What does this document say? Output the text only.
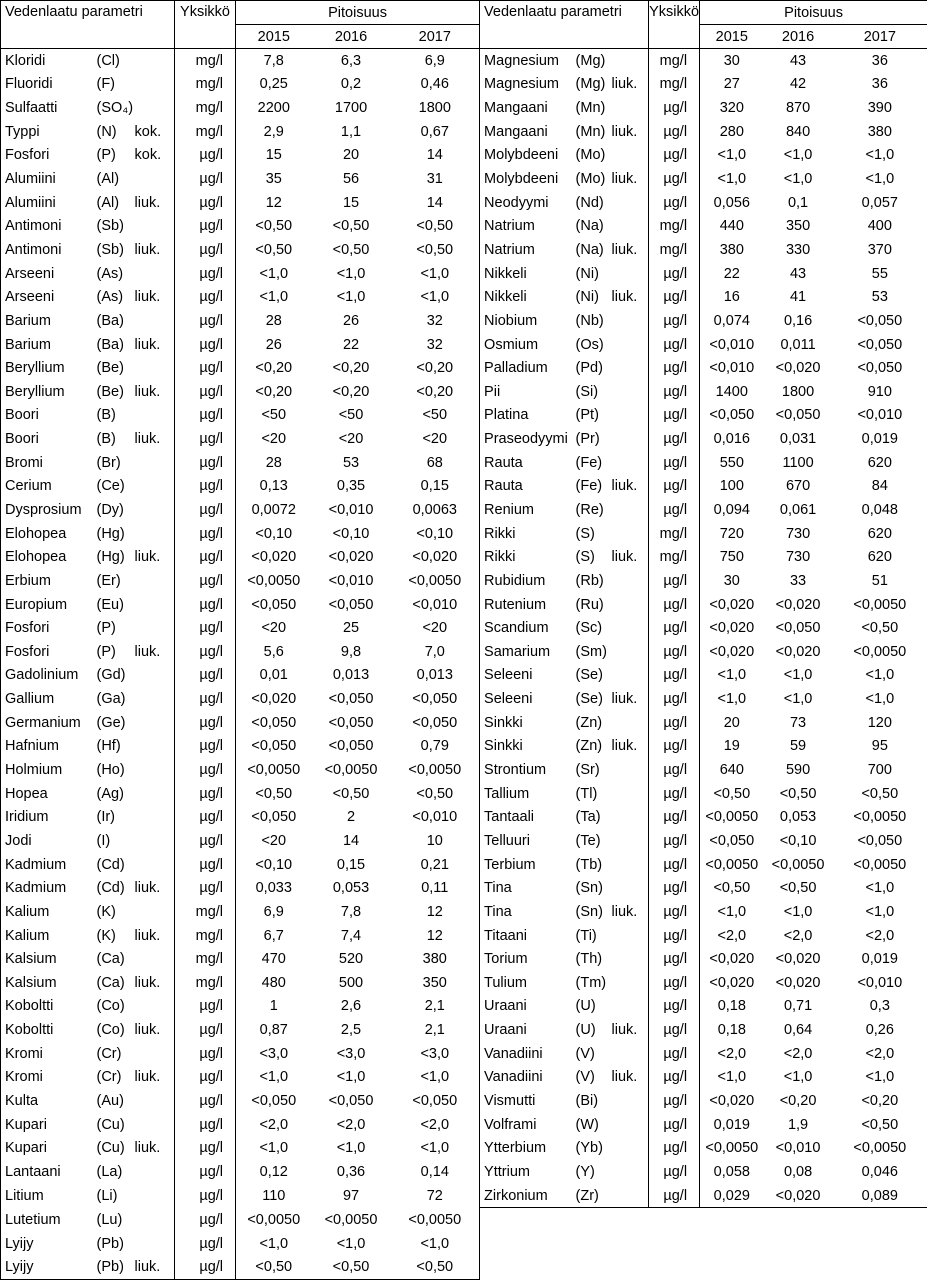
Vedenlaatu parametri			Yksikkö	Pitoisuus			Vedenlaatu parametri			Yksikkö	Pitoisuus		
				2015	2016	2017					2015	2016	2017
Kloridi	(Cl)		mg/l	7,8	6,3	6,9	Magnesium	(Mg)		mg/l	30	43	36
Fluoridi	(F)		mg/l	0,25	0,2	0,46	Magnesium	(Mg)	liuk.	mg/l	27	42	36
Sulfaatti	(SO₄)		mg/l	2200	1700	1800	Mangaani	(Mn)		µg/l	320	870	390
Typpi	(N)	kok.	mg/l	2,9	1,1	0,67	Mangaani	(Mn)	liuk.	µg/l	280	840	380
Fosfori	(P)	kok.	µg/l	15	20	14	Molybdeeni	(Mo)		µg/l	<1,0	<1,0	<1,0
Alumiini	(Al)		µg/l	35	56	31	Molybdeeni	(Mo)	liuk.	µg/l	<1,0	<1,0	<1,0
Alumiini	(Al)	liuk.	µg/l	12	15	14	Neodyymi	(Nd)		µg/l	0,056	0,1	0,057
Antimoni	(Sb)		µg/l	<0,50	<0,50	<0,50	Natrium	(Na)		mg/l	440	350	400
Antimoni	(Sb)	liuk.	µg/l	<0,50	<0,50	<0,50	Natrium	(Na)	liuk.	mg/l	380	330	370
Arseeni	(As)		µg/l	<1,0	<1,0	<1,0	Nikkeli	(Ni)		µg/l	22	43	55
Arseeni	(As)	liuk.	µg/l	<1,0	<1,0	<1,0	Nikkeli	(Ni)	liuk.	µg/l	16	41	53
Barium	(Ba)		µg/l	28	26	32	Niobium	(Nb)		µg/l	0,074	0,16	<0,050
Barium	(Ba)	liuk.	µg/l	26	22	32	Osmium	(Os)		µg/l	<0,010	0,011	<0,050
Beryllium	(Be)		µg/l	<0,20	<0,20	<0,20	Palladium	(Pd)		µg/l	<0,010	<0,020	<0,050
Beryllium	(Be)	liuk.	µg/l	<0,20	<0,20	<0,20	Pii	(Si)		µg/l	1400	1800	910
Boori	(B)		µg/l	<50	<50	<50	Platina	(Pt)		µg/l	<0,050	<0,050	<0,010
Boori	(B)	liuk.	µg/l	<20	<20	<20	Praseodyymi	(Pr)		µg/l	0,016	0,031	0,019
Bromi	(Br)		µg/l	28	53	68	Rauta	(Fe)		µg/l	550	1100	620
Cerium	(Ce)		µg/l	0,13	0,35	0,15	Rauta	(Fe)	liuk.	µg/l	100	670	84
Dysprosium	(Dy)		µg/l	0,0072	<0,010	0,0063	Renium	(Re)		µg/l	0,094	0,061	0,048
Elohopea	(Hg)		µg/l	<0,10	<0,10	<0,10	Rikki	(S)		mg/l	720	730	620
Elohopea	(Hg)	liuk.	µg/l	<0,020	<0,020	<0,020	Rikki	(S)	liuk.	mg/l	750	730	620
Erbium	(Er)		µg/l	<0,0050	<0,010	<0,0050	Rubidium	(Rb)		µg/l	30	33	51
Europium	(Eu)		µg/l	<0,050	<0,050	<0,010	Rutenium	(Ru)		µg/l	<0,020	<0,020	<0,0050
Fosfori	(P)		µg/l	<20	25	<20	Scandium	(Sc)		µg/l	<0,020	<0,050	<0,50
Fosfori	(P)	liuk.	µg/l	5,6	9,8	7,0	Samarium	(Sm)		µg/l	<0,020	<0,020	<0,0050
Gadolinium	(Gd)		µg/l	0,01	0,013	0,013	Seleeni	(Se)		µg/l	<1,0	<1,0	<1,0
Gallium	(Ga)		µg/l	<0,020	<0,050	<0,050	Seleeni	(Se)	liuk.	µg/l	<1,0	<1,0	<1,0
Germanium	(Ge)		µg/l	<0,050	<0,050	<0,050	Sinkki	(Zn)		µg/l	20	73	120
Hafnium	(Hf)		µg/l	<0,050	<0,050	0,79	Sinkki	(Zn)	liuk.	µg/l	19	59	95
Holmium	(Ho)		µg/l	<0,0050	<0,0050	<0,0050	Strontium	(Sr)		µg/l	640	590	700
Hopea	(Ag)		µg/l	<0,50	<0,50	<0,50	Tallium	(Tl)		µg/l	<0,50	<0,50	<0,50
Iridium	(Ir)		µg/l	<0,050	2	<0,010	Tantaali	(Ta)		µg/l	<0,0050	0,053	<0,0050
Jodi	(I)		µg/l	<20	14	10	Telluuri	(Te)		µg/l	<0,050	<0,10	<0,050
Kadmium	(Cd)		µg/l	<0,10	0,15	0,21	Terbium	(Tb)		µg/l	<0,0050	<0,0050	<0,0050
Kadmium	(Cd)	liuk.	µg/l	0,033	0,053	0,11	Tina	(Sn)		µg/l	<0,50	<0,50	<1,0
Kalium	(K)		mg/l	6,9	7,8	12	Tina	(Sn)	liuk.	µg/l	<1,0	<1,0	<1,0
Kalium	(K)	liuk.	mg/l	6,7	7,4	12	Titaani	(Ti)		µg/l	<2,0	<2,0	<2,0
Kalsium	(Ca)		mg/l	470	520	380	Torium	(Th)		µg/l	<0,020	<0,020	0,019
Kalsium	(Ca)	liuk.	mg/l	480	500	350	Tulium	(Tm)		µg/l	<0,020	<0,020	<0,010
Koboltti	(Co)		µg/l	1	2,6	2,1	Uraani	(U)		µg/l	0,18	0,71	0,3
Koboltti	(Co)	liuk.	µg/l	0,87	2,5	2,1	Uraani	(U)	liuk.	µg/l	0,18	0,64	0,26
Kromi	(Cr)		µg/l	<3,0	<3,0	<3,0	Vanadiini	(V)		µg/l	<2,0	<2,0	<2,0
Kromi	(Cr)	liuk.	µg/l	<1,0	<1,0	<1,0	Vanadiini	(V)	liuk.	µg/l	<1,0	<1,0	<1,0
Kulta	(Au)		µg/l	<0,050	<0,050	<0,050	Vismutti	(Bi)		µg/l	<0,020	<0,20	<0,20
Kupari	(Cu)		µg/l	<2,0	<2,0	<2,0	Volframi	(W)		µg/l	0,019	1,9	<0,50
Kupari	(Cu)	liuk.	µg/l	<1,0	<1,0	<1,0	Ytterbium	(Yb)		µg/l	<0,0050	<0,010	<0,0050
Lantaani	(La)		µg/l	0,12	0,36	0,14	Yttrium	(Y)		µg/l	0,058	0,08	0,046
Litium	(Li)		µg/l	110	97	72	Zirkonium	(Zr)		µg/l	0,029	<0,020	0,089
Lutetium	(Lu)		µg/l	<0,0050	<0,0050	<0,0050							
Lyijy	(Pb)		µg/l	<1,0	<1,0	<1,0							
Lyijy	(Pb)	liuk.	µg/l	<0,50	<0,50	<0,50							
